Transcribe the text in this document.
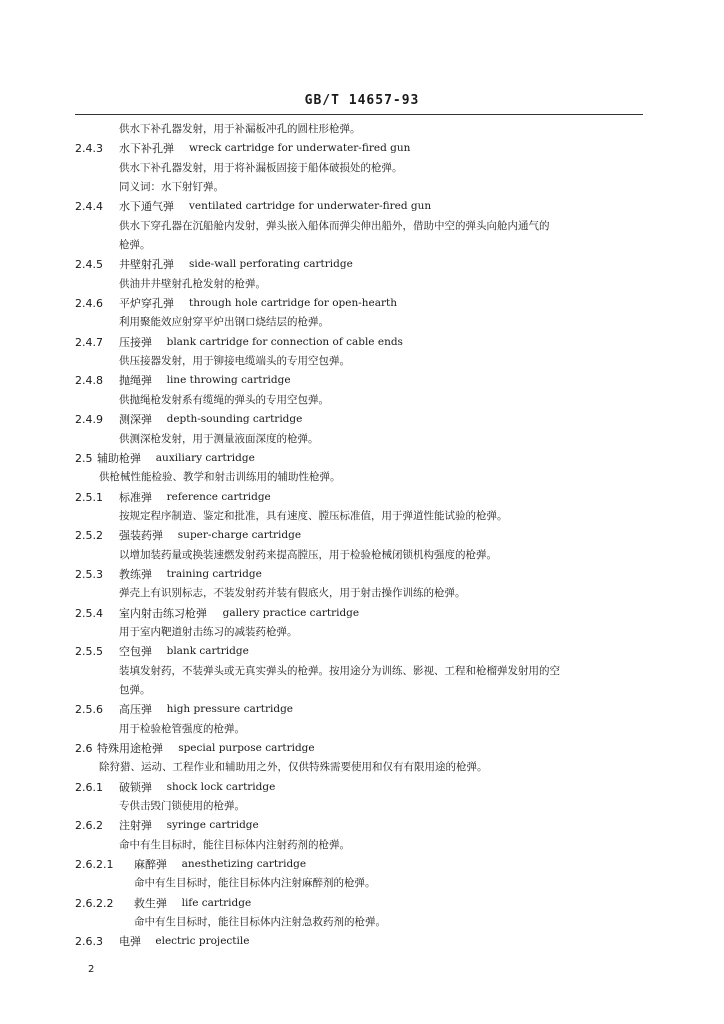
GB/T 14657-93
供水下补孔器发射，用于补漏板冲孔的圆柱形枪弹。
2.4.3 水下补孔弹 wreck cartridge for underwater-fired gun
供水下补孔器发射，用于将补漏板固接于船体破损处的枪弹。
同义词：水下射钉弹。
2.4.4 水下通气弹 ventilated cartridge for underwater-fired gun
供水下穿孔器在沉船舱内发射，弹头嵌入船体而弹尖伸出船外，借助中空的弹头向舱内通气的
枪弹。
2.4.5 井壁射孔弹 side-wall perforating cartridge
供油井井壁射孔枪发射的枪弹。
2.4.6 平炉穿孔弹 through hole cartridge for open-hearth
利用聚能效应射穿平炉出钢口烧结层的枪弹。
2.4.7 压接弹 blank cartridge for connection of cable ends
供压接器发射，用于铆接电缆端头的专用空包弹。
2.4.8 抛绳弹 line throwing cartridge
供抛绳枪发射系有缆绳的弹头的专用空包弹。
2.4.9 测深弹 depth-sounding cartridge
供测深枪发射，用于测量液面深度的枪弹。
2.5 辅助枪弹 auxiliary cartridge
供枪械性能检验、教学和射击训练用的辅助性枪弹。
2.5.1 标准弹 reference cartridge
按规定程序制造、鉴定和批准，具有速度、膛压标准值，用于弹道性能试验的枪弹。
2.5.2 强装药弹 super-charge cartridge
以增加装药量或换装速燃发射药来提高膛压，用于检验枪械闭锁机构强度的枪弹。
2.5.3 教练弹 training cartridge
弹壳上有识别标志，不装发射药并装有假底火，用于射击操作训练的枪弹。
2.5.4 室内射击练习枪弹 gallery practice cartridge
用于室内靶道射击练习的减装药枪弹。
2.5.5 空包弹 blank cartridge
装填发射药，不装弹头或无真实弹头的枪弹。按用途分为训练、影视、工程和枪榴弹发射用的空
包弹。
2.5.6 高压弹 high pressure cartridge
用于检验枪管强度的枪弹。
2.6 特殊用途枪弹 special purpose cartridge
除狩猎、运动、工程作业和辅助用之外，仅供特殊需要使用和仅有有限用途的枪弹。
2.6.1 破锁弹 shock lock cartridge
专供击毁门锁使用的枪弹。
2.6.2 注射弹 syringe cartridge
命中有生目标时，能往目标体内注射药剂的枪弹。
2.6.2.1 麻醉弹 anesthetizing cartridge
命中有生目标时，能往目标体内注射麻醉剂的枪弹。
2.6.2.2 救生弹 life cartridge
命中有生目标时，能往目标体内注射急救药剂的枪弹。
2.6.3 电弹 electric projectile
2
